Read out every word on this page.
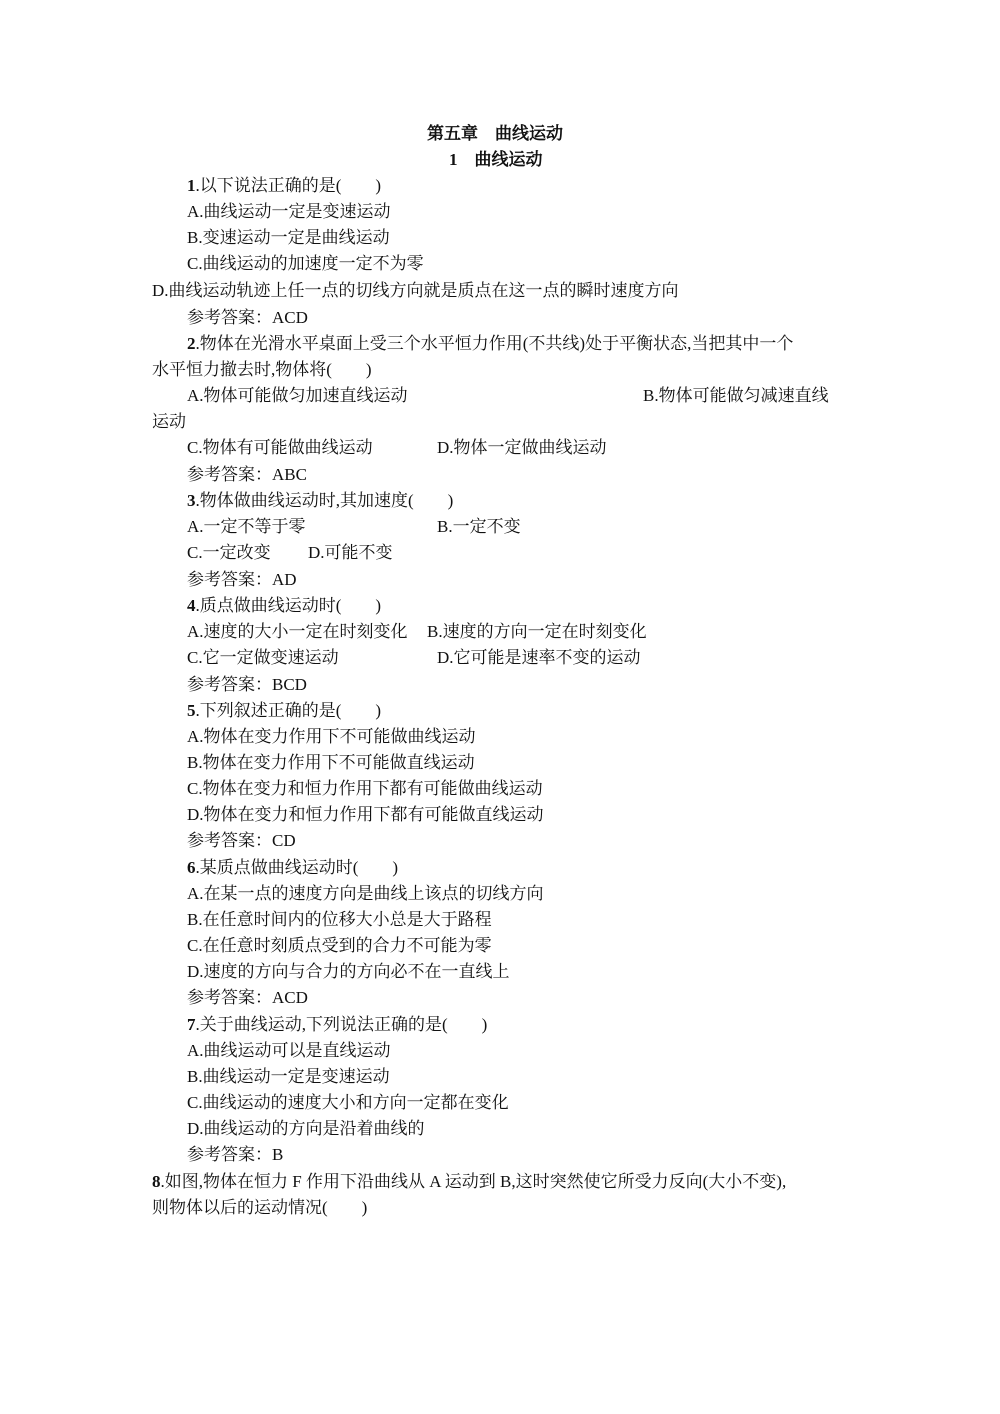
第五章　曲线运动
1　曲线运动
1.以下说法正确的是(　　)
A.曲线运动一定是变速运动
B.变速运动一定是曲线运动
C.曲线运动的加速度一定不为零
D.曲线运动轨迹上任一点的切线方向就是质点在这一点的瞬时速度方向
参考答案：ACD
2.物体在光滑水平桌面上受三个水平恒力作用(不共线)处于平衡状态,当把其中一个
水平恒力撤去时,物体将(　　)
A.物体可能做匀加速直线运动	B.物体可能做匀减速直线
运动
C.物体有可能做曲线运动	D.物体一定做曲线运动
参考答案：ABC
3.物体做曲线运动时,其加速度(　　)
A.一定不等于零	B.一定不变
C.一定改变 D.可能不变
参考答案：AD
4.质点做曲线运动时(　　)
A.速度的大小一定在时刻变化 B.速度的方向一定在时刻变化
C.它一定做变速运动	D.它可能是速率不变的运动
参考答案：BCD
5.下列叙述正确的是(　　)
A.物体在变力作用下不可能做曲线运动
B.物体在变力作用下不可能做直线运动
C.物体在变力和恒力作用下都有可能做曲线运动
D.物体在变力和恒力作用下都有可能做直线运动
参考答案：CD
6.某质点做曲线运动时(　　)
A.在某一点的速度方向是曲线上该点的切线方向
B.在任意时间内的位移大小总是大于路程
C.在任意时刻质点受到的合力不可能为零
D.速度的方向与合力的方向必不在一直线上
参考答案：ACD
7.关于曲线运动,下列说法正确的是(　　)
A.曲线运动可以是直线运动
B.曲线运动一定是变速运动
C.曲线运动的速度大小和方向一定都在变化
D.曲线运动的方向是沿着曲线的
参考答案：B
8.如图,物体在恒力 F 作用下沿曲线从 A 运动到 B,这时突然使它所受力反向(大小不变),
则物体以后的运动情况(　　)
